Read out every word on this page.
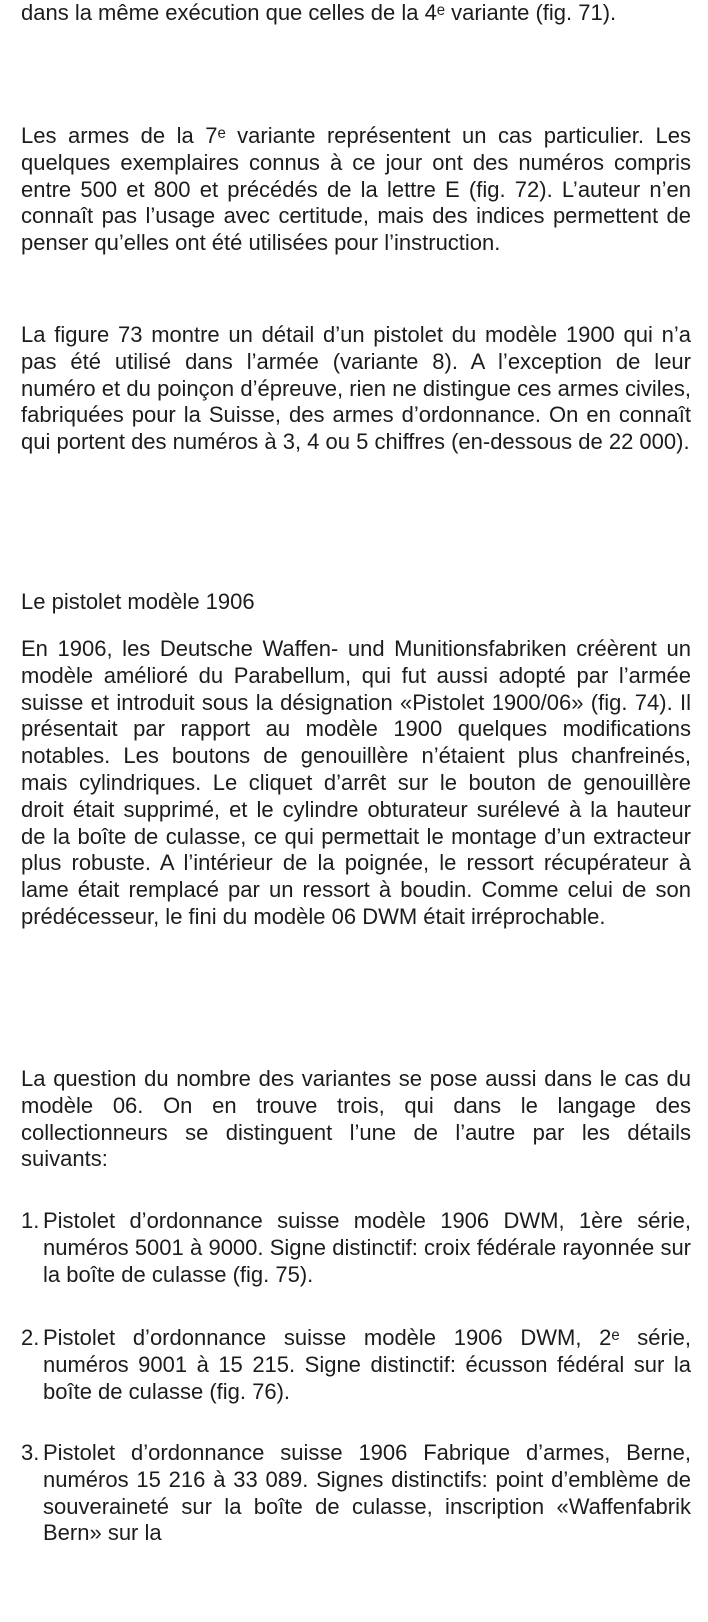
dans la même exécution que celles de la 4ᵉ variante (fig. 71).

Les armes de la 7ᵉ variante représentent un cas particulier. Les quelques exemplaires connus à ce jour ont des numéros compris entre 500 et 800 et précédés de la lettre E (fig. 72). L’auteur n’en connaît pas l’usage avec certitude, mais des indices permettent de penser qu’elles ont été utilisées pour l’instruction.

La figure 73 montre un détail d’un pistolet du modèle 1900 qui n’a pas été utilisé dans l’armée (variante 8). A l’exception de leur numéro et du poinçon d’épreuve, rien ne distingue ces armes civiles, fabriquées pour la Suisse, des armes d’ordonnance. On en connaît qui portent des numéros à 3, 4 ou 5 chiffres (en-dessous de 22 000).

Le pistolet modèle 1906

En 1906, les Deutsche Waffen- und Munitionsfabriken créèrent un modèle amélioré du Parabellum, qui fut aussi adopté par l’armée suisse et introduit sous la désignation «Pistolet 1900/06» (fig. 74). Il présentait par rapport au modèle 1900 quelques modifications notables. Les boutons de genouillère n’étaient plus chanfreinés, mais cylindriques. Le cliquet d’arrêt sur le bouton de genouillère droit était supprimé, et le cylindre obturateur surélevé à la hauteur de la boîte de culasse, ce qui permettait le montage d’un extracteur plus robuste. A l’intérieur de la poignée, le ressort récupérateur à lame était remplacé par un ressort à boudin. Comme celui de son prédécesseur, le fini du modèle 06 DWM était irréprochable.

La question du nombre des variantes se pose aussi dans le cas du modèle 06. On en trouve trois, qui dans le langage des collectionneurs se distinguent l’une de l’autre par les détails suivants:

1. Pistolet d’ordonnance suisse modèle 1906 DWM, 1ère série, numéros 5001 à 9000. Signe distinctif: croix fédérale rayonnée sur la boîte de culasse (fig. 75).
2. Pistolet d’ordonnance suisse modèle 1906 DWM, 2ᵉ série, numéros 9001 à 15 215. Signe distinctif: écusson fédéral sur la boîte de culasse (fig. 76).
3. Pistolet d’ordonnance suisse 1906 Fabrique d’armes, Berne, numéros 15 216 à 33 089. Signes distinctifs: point d’emblème de souveraineté sur la boîte de culasse, inscription «Waffenfabrik Bern» sur la
